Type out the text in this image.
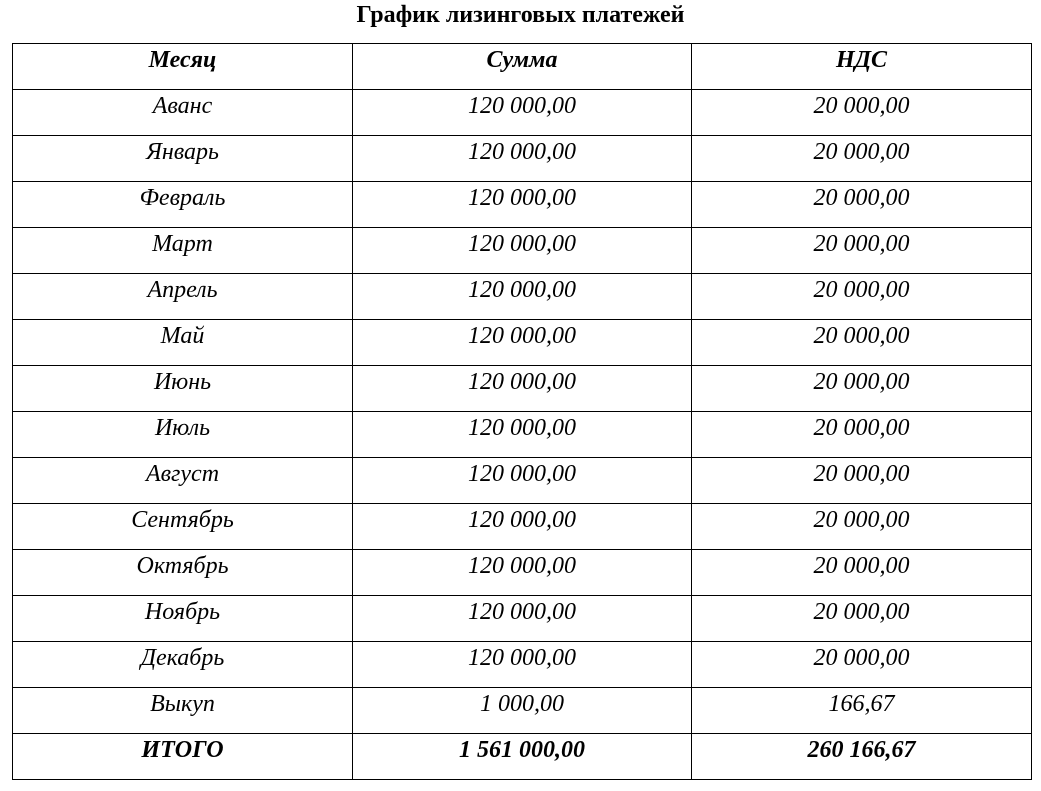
График лизинговых платежей
Месяц	Сумма	НДС
Аванс	120 000,00	20 000,00
Январь	120 000,00	20 000,00
Февраль	120 000,00	20 000,00
Март	120 000,00	20 000,00
Апрель	120 000,00	20 000,00
Май	120 000,00	20 000,00
Июнь	120 000,00	20 000,00
Июль	120 000,00	20 000,00
Август	120 000,00	20 000,00
Сентябрь	120 000,00	20 000,00
Октябрь	120 000,00	20 000,00
Ноябрь	120 000,00	20 000,00
Декабрь	120 000,00	20 000,00
Выкуп	1 000,00	166,67
ИТОГО	1 561 000,00	260 166,67
